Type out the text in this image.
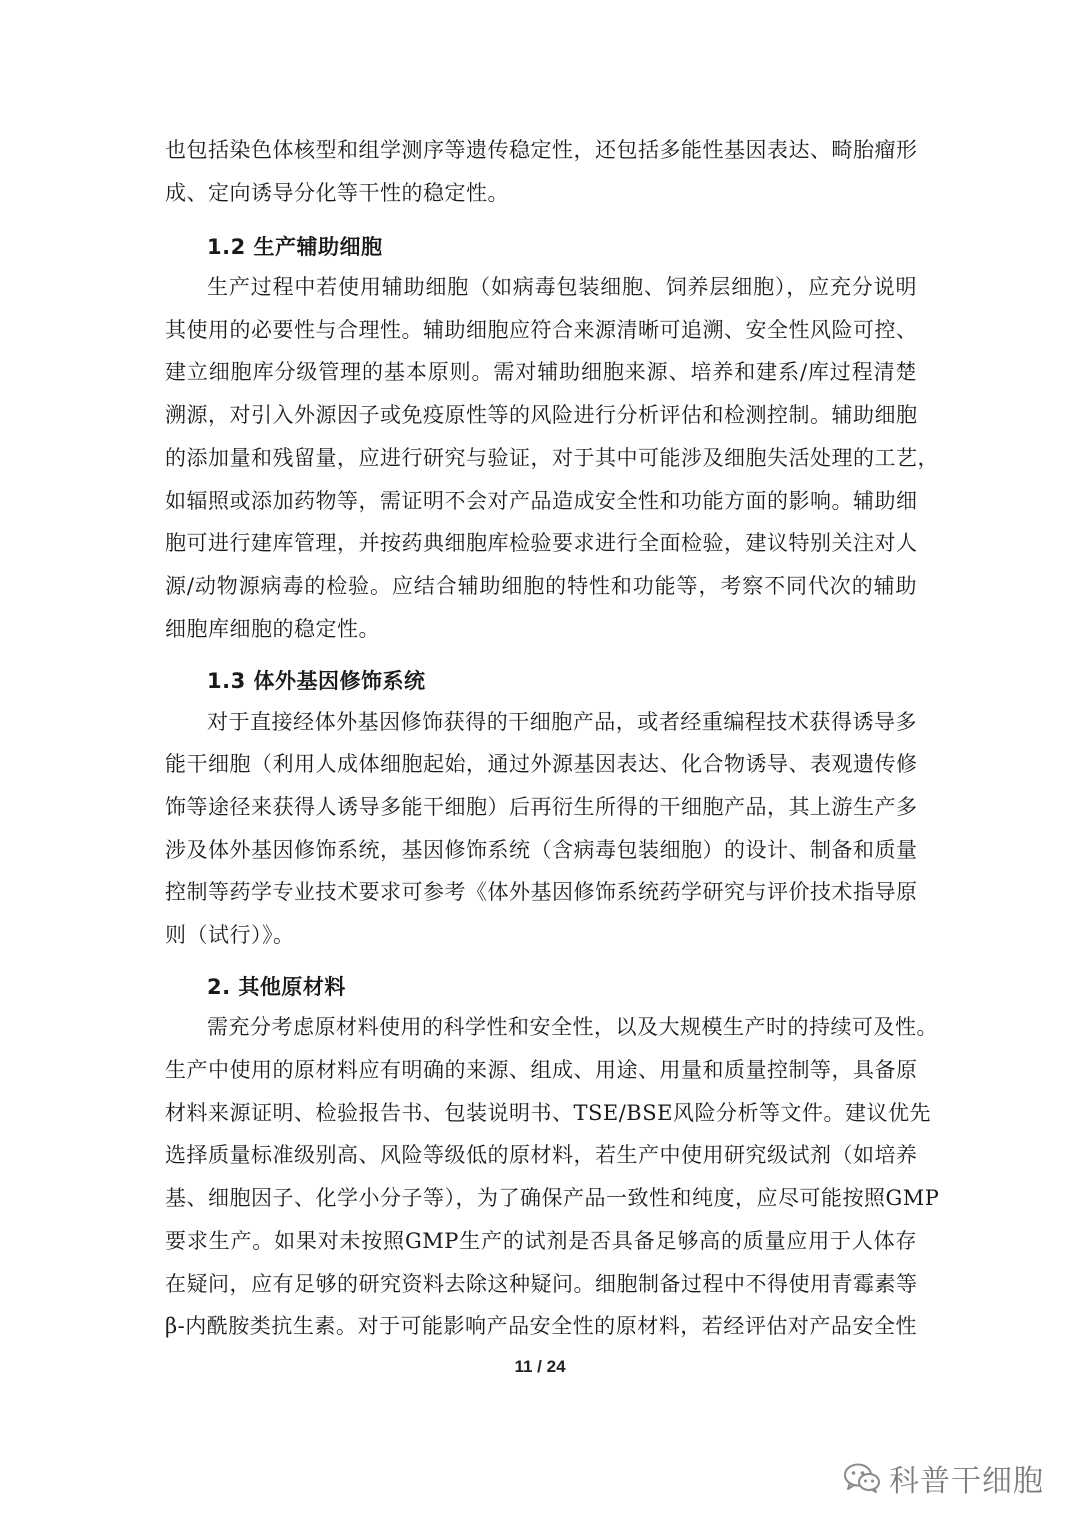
也包括染色体核型和组学测序等遗传稳定性，还包括多能性基因表达、畸胎瘤形
成、定向诱导分化等干性的稳定性。
1.2 生产辅助细胞
生产过程中若使用辅助细胞（如病毒包装细胞、饲养层细胞），应充分说明
其使用的必要性与合理性。辅助细胞应符合来源清晰可追溯、安全性风险可控、
建立细胞库分级管理的基本原则。需对辅助细胞来源、培养和建系/库过程清楚
溯源，对引入外源因子或免疫原性等的风险进行分析评估和检测控制。辅助细胞
的添加量和残留量，应进行研究与验证，对于其中可能涉及细胞失活处理的工艺，
如辐照或添加药物等，需证明不会对产品造成安全性和功能方面的影响。辅助细
胞可进行建库管理，并按药典细胞库检验要求进行全面检验，建议特别关注对人
源/动物源病毒的检验。应结合辅助细胞的特性和功能等，考察不同代次的辅助
细胞库细胞的稳定性。
1.3 体外基因修饰系统
对于直接经体外基因修饰获得的干细胞产品，或者经重编程技术获得诱导多
能干细胞（利用人成体细胞起始，通过外源基因表达、化合物诱导、表观遗传修
饰等途径来获得人诱导多能干细胞）后再衍生所得的干细胞产品，其上游生产多
涉及体外基因修饰系统，基因修饰系统（含病毒包装细胞）的设计、制备和质量
控制等药学专业技术要求可参考《体外基因修饰系统药学研究与评价技术指导原
则（试行）》。
2. 其他原材料
需充分考虑原材料使用的科学性和安全性，以及大规模生产时的持续可及性。
生产中使用的原材料应有明确的来源、组成、用途、用量和质量控制等，具备原
材料来源证明、检验报告书、包装说明书、TSE/BSE风险分析等文件。建议优先
选择质量标准级别高、风险等级低的原材料，若生产中使用研究级试剂（如培养
基、细胞因子、化学小分子等），为了确保产品一致性和纯度，应尽可能按照GMP
要求生产。如果对未按照GMP生产的试剂是否具备足够高的质量应用于人体存
在疑问，应有足够的研究资料去除这种疑问。细胞制备过程中不得使用青霉素等
β-内酰胺类抗生素。对于可能影响产品安全性的原材料，若经评估对产品安全性
11 / 24
科普干细胞
